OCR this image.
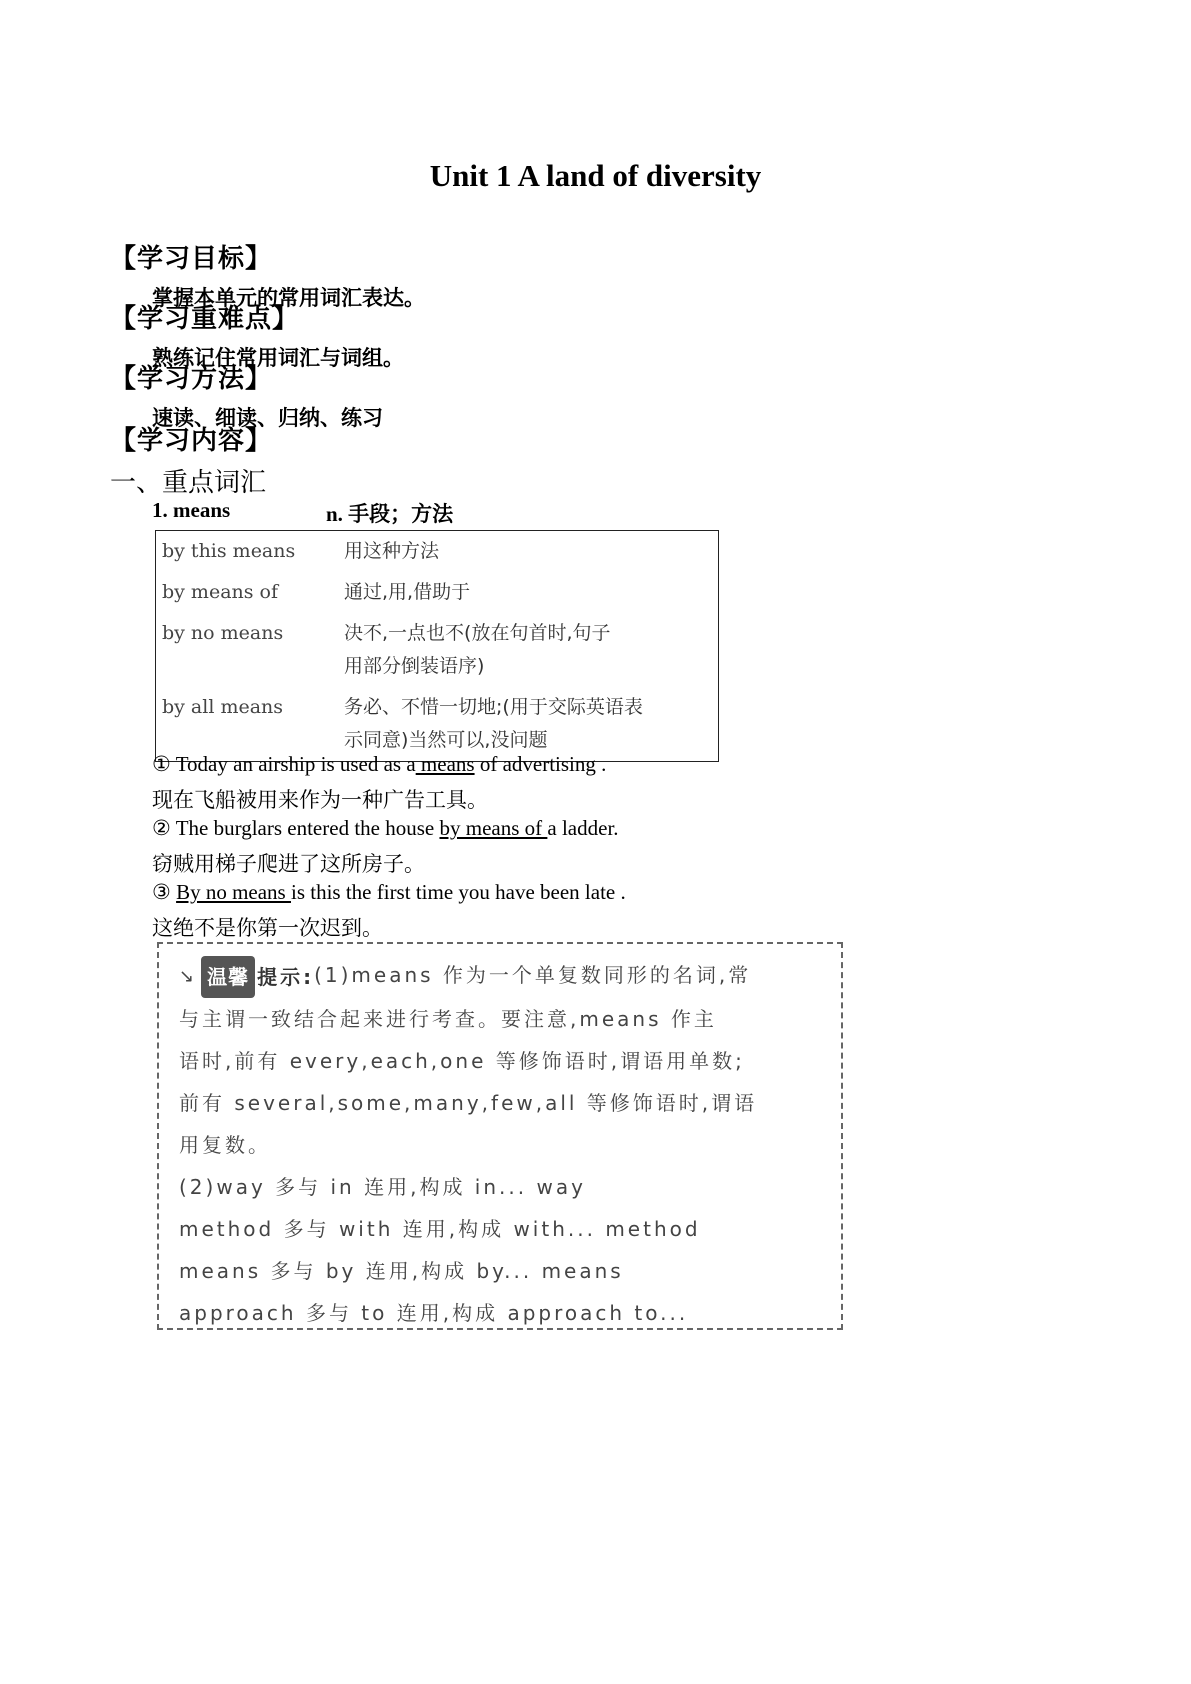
Unit 1 A land of diversity
【学习目标】
掌握本单元的常用词汇表达。
【学习重难点】
熟练记住常用词汇与词组。
【学习方法】
速读、细读、归纳、练习
【学习内容】
一、重点词汇
1. means	n. 手段；方法
by this means	用这种方法
by means of	通过,用,借助于
by no means	决不,一点也不(放在句首时,句子
用部分倒装语序)

by all means	务必、不惜一切地;(用于交际英语表
示同意)当然可以,没问题
① Today an airship is used as a means of advertising .
现在飞船被用来作为一种广告工具。
② The burglars entered the house by means of a ladder.
窃贼用梯子爬进了这所房子。
③ By no means is this the first time you have been late .
这绝不是你第一次迟到。

↘ 温馨 提示: (1)means 作为一个单复数同形的名词,常

与主谓一致结合起来进行考查。要注意,means 作主

语时,前有 every,each,one 等修饰语时,谓语用单数;

前有 several,some,many,few,all 等修饰语时,谓语

用复数。

(2)way 多与 in 连用,构成 in... way

method 多与 with 连用,构成 with... method

means 多与 by 连用,构成 by... means

approach 多与 to 连用,构成 approach to...
